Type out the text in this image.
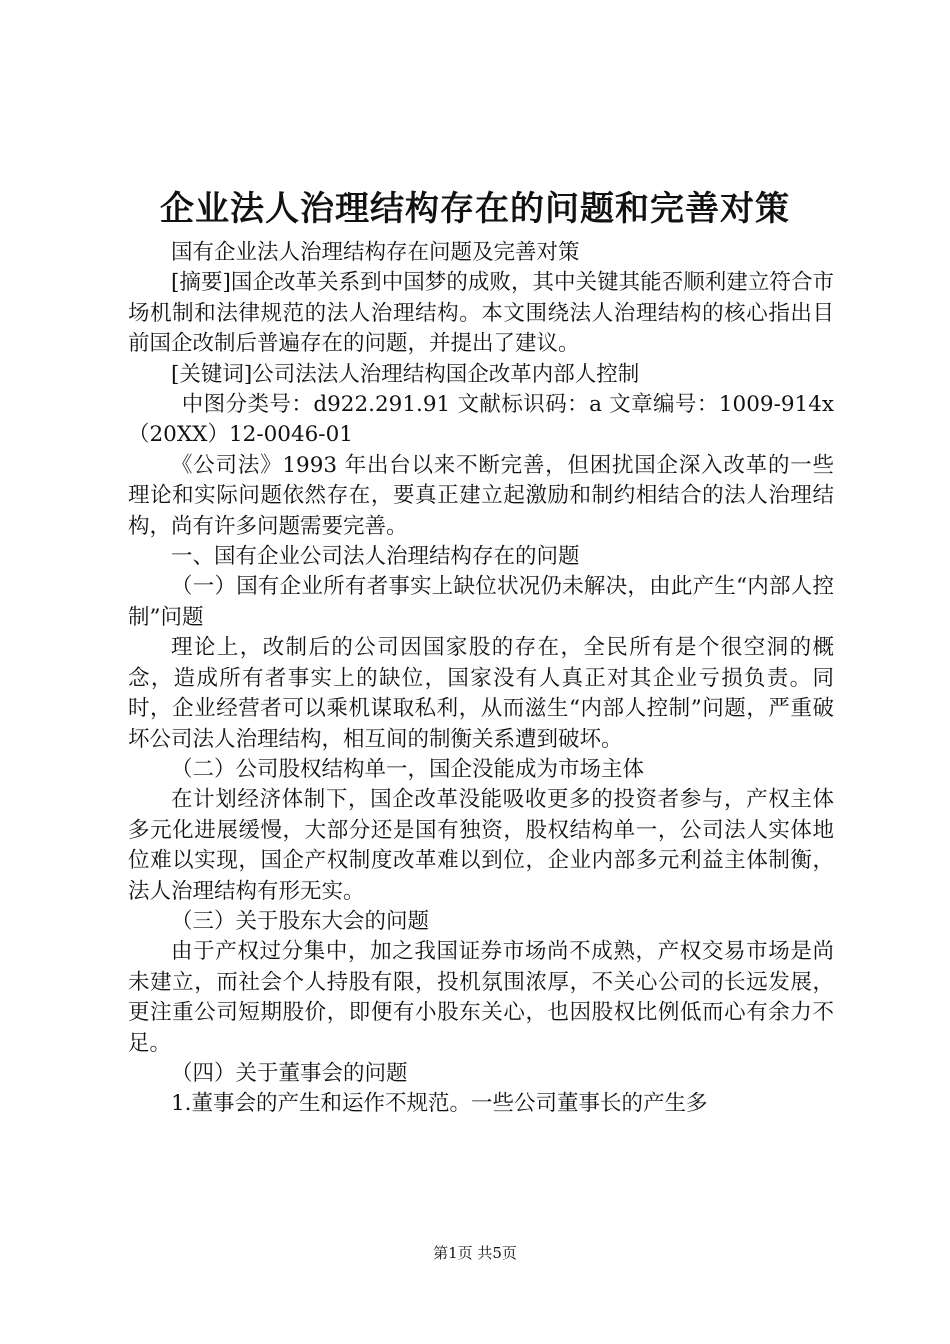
企业法人治理结构存在的问题和完善对策

国有企业法人治理结构存在问题及完善对策

[摘要]国企改革关系到中国梦的成败，其中关键其能否顺利建立符合市场机制和法律规范的法人治理结构。本文围绕法人治理结构的核心指出目前国企改制后普遍存在的问题，并提出了建议。

[关键词]公司法法人治理结构国企改革内部人控制

中图分类号：d922.291.91 文献标识码：a 文章编号：1009-914x（20XX）12-0046-01

《公司法》1993 年出台以来不断完善，但困扰国企深入改革的一些理论和实际问题依然存在，要真正建立起激励和制约相结合的法人治理结构，尚有许多问题需要完善。

一、国有企业公司法人治理结构存在的问题

（一）国有企业所有者事实上缺位状况仍未解决，由此产生“内部人控制”问题

理论上，改制后的公司因国家股的存在，全民所有是个很空洞的概念，造成所有者事实上的缺位，国家没有人真正对其企业亏损负责。同时，企业经营者可以乘机谋取私利，从而滋生“内部人控制”问题，严重破坏公司法人治理结构，相互间的制衡关系遭到破坏。

（二）公司股权结构单一，国企没能成为市场主体

在计划经济体制下，国企改革没能吸收更多的投资者参与，产权主体多元化进展缓慢，大部分还是国有独资，股权结构单一，公司法人实体地位难以实现，国企产权制度改革难以到位，企业内部多元利益主体制衡，法人治理结构有形无实。

（三）关于股东大会的问题

由于产权过分集中，加之我国证券市场尚不成熟，产权交易市场是尚未建立，而社会个人持股有限，投机氛围浓厚，不关心公司的长远发展，更注重公司短期股价，即便有小股东关心，也因股权比例低而心有余力不足。

（四）关于董事会的问题

1.董事会的产生和运作不规范。一些公司董事长的产生多

第1页 共5页
